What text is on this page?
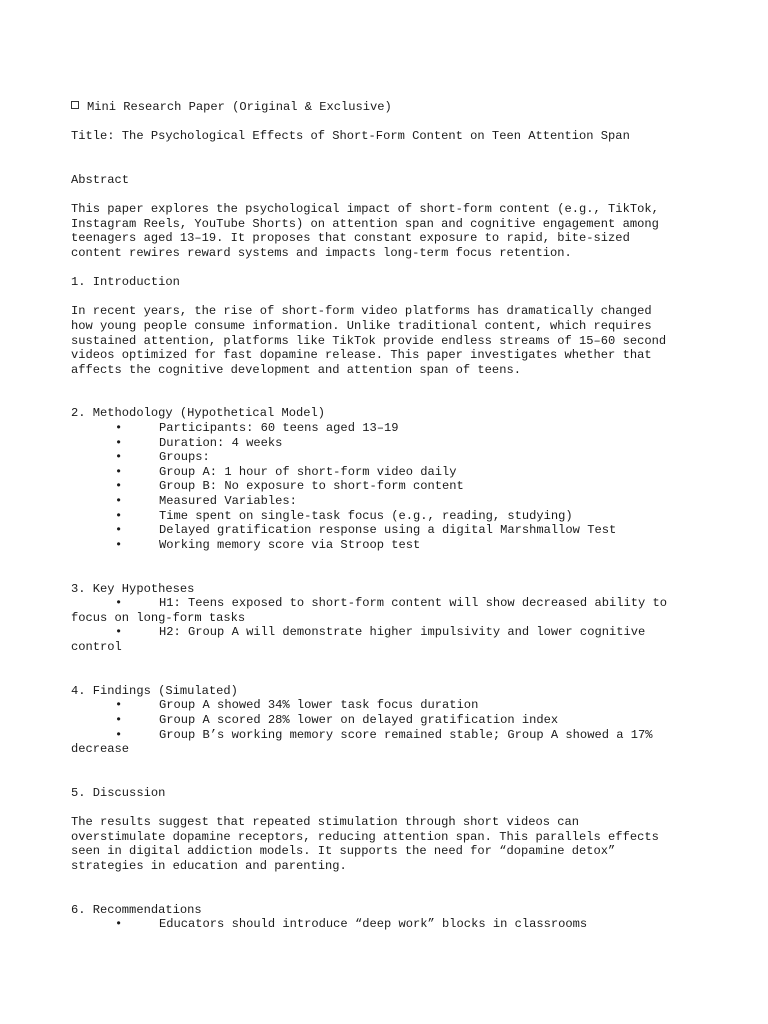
Mini Research Paper (Original & Exclusive)

Title: The Psychological Effects of Short-Form Content on Teen Attention Span

Abstract

This paper explores the psychological impact of short-form content (e.g., TikTok,

Instagram Reels, YouTube Shorts) on attention span and cognitive engagement among

teenagers aged 13–19. It proposes that constant exposure to rapid, bite-sized

content rewires reward systems and impacts long-term focus retention.

1. Introduction

In recent years, the rise of short-form video platforms has dramatically changed

how young people consume information. Unlike traditional content, which requires

sustained attention, platforms like TikTok provide endless streams of 15–60 second

videos optimized for fast dopamine release. This paper investigates whether that

affects the cognitive development and attention span of teens.

2. Methodology (Hypothetical Model)

•	Participants: 60 teens aged 13–19

•	Duration: 4 weeks

•	Groups:

•	Group A: 1 hour of short-form video daily

•	Group B: No exposure to short-form content

•	Measured Variables:

•	Time spent on single-task focus (e.g., reading, studying)

•	Delayed gratification response using a digital Marshmallow Test

•	Working memory score via Stroop test

3. Key Hypotheses

•	H1: Teens exposed to short-form content will show decreased ability to

focus on long-form tasks

•	H2: Group A will demonstrate higher impulsivity and lower cognitive

control

4. Findings (Simulated)

•	Group A showed 34% lower task focus duration

•	Group A scored 28% lower on delayed gratification index

•	Group B’s working memory score remained stable; Group A showed a 17%

decrease

5. Discussion

The results suggest that repeated stimulation through short videos can

overstimulate dopamine receptors, reducing attention span. This parallels effects

seen in digital addiction models. It supports the need for “dopamine detox”

strategies in education and parenting.

6. Recommendations

•	Educators should introduce “deep work” blocks in classrooms
